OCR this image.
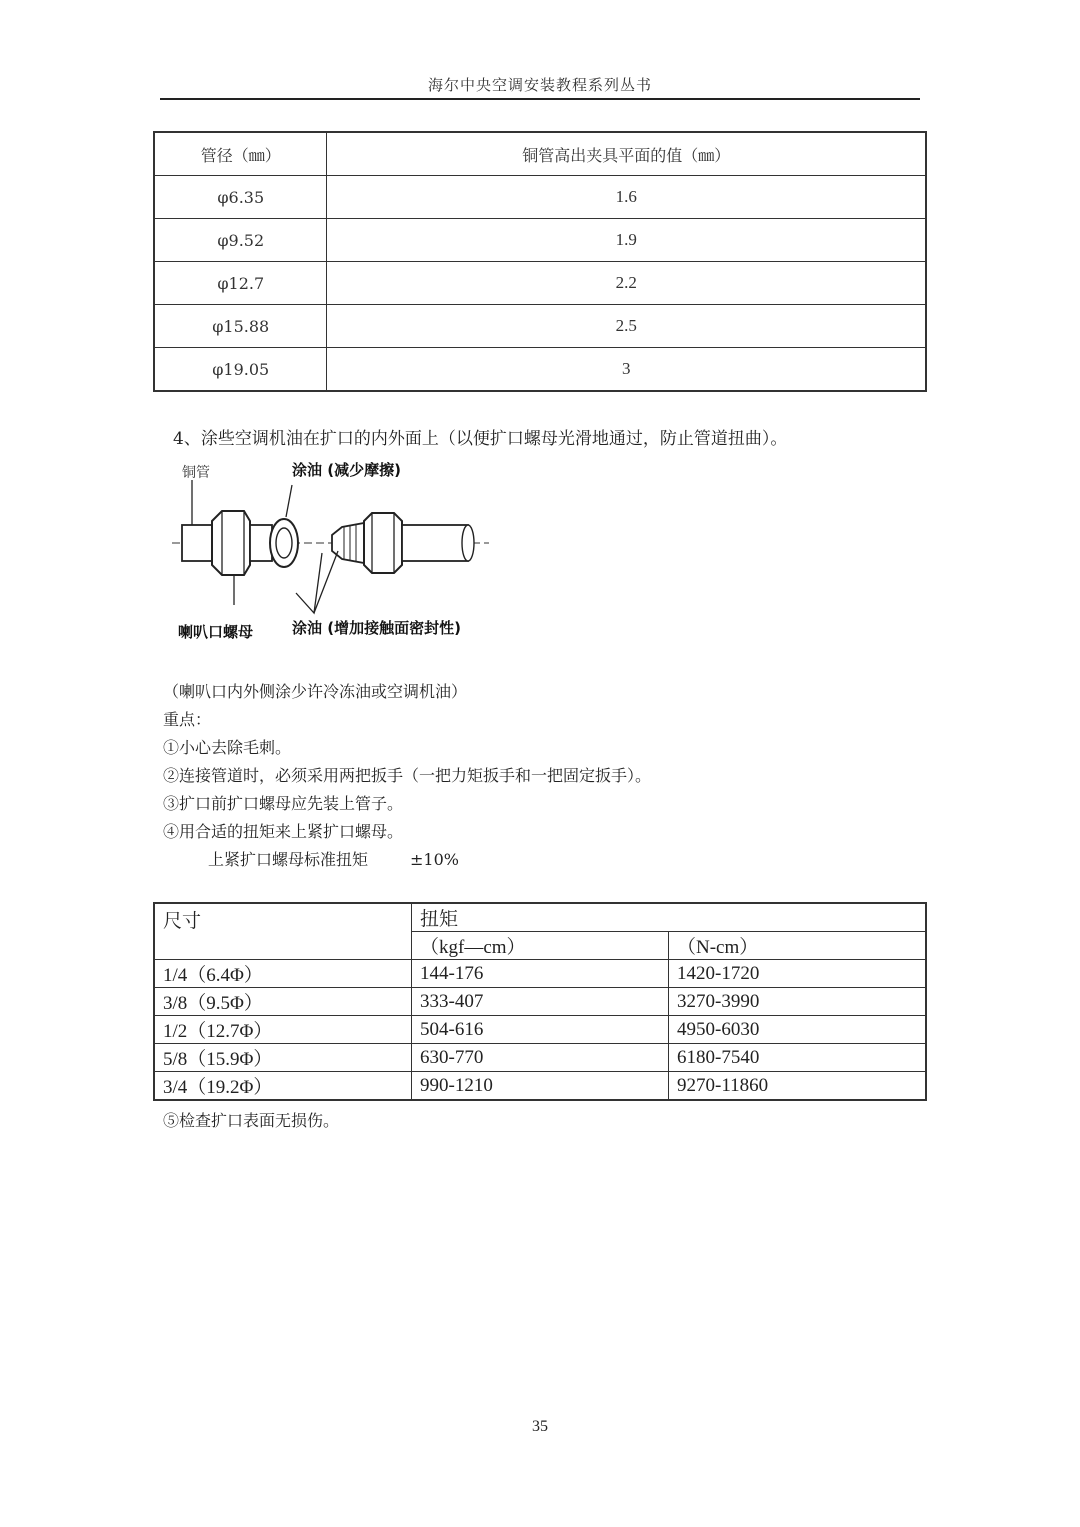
海尔中央空调安装教程系列丛书
管径（㎜）	铜管高出夹具平面的值（㎜）
φ6.35	1.6
φ9.52	1.9
φ12.7	2.2
φ15.88	2.5
φ19.05	3
4、涂些空调机油在扩口的内外面上（以便扩口螺母光滑地通过，防止管道扭曲）。
铜管	涂油 (减少摩擦)
喇叭口螺母	涂油 (增加接触面密封性)
（喇叭口内外侧涂少许冷冻油或空调机油）
重点：
①小心去除毛刺。
②连接管道时，必须采用两把扳手（一把力矩扳手和一把固定扳手）。
③扩口前扩口螺母应先装上管子。
④用合适的扭矩来上紧扩口螺母。
上紧扩口螺母标准扭矩	±10%
尺寸	扭矩	
	（kgf—cm）	（N-cm）
1/4（6.4Φ）	144-176	1420-1720
3/8（9.5Φ）	333-407	3270-3990
1/2（12.7Φ）	504-616	4950-6030
5/8（15.9Φ）	630-770	6180-7540
3/4（19.2Φ）	990-1210	9270-11860
⑤检查扩口表面无损伤。
35
